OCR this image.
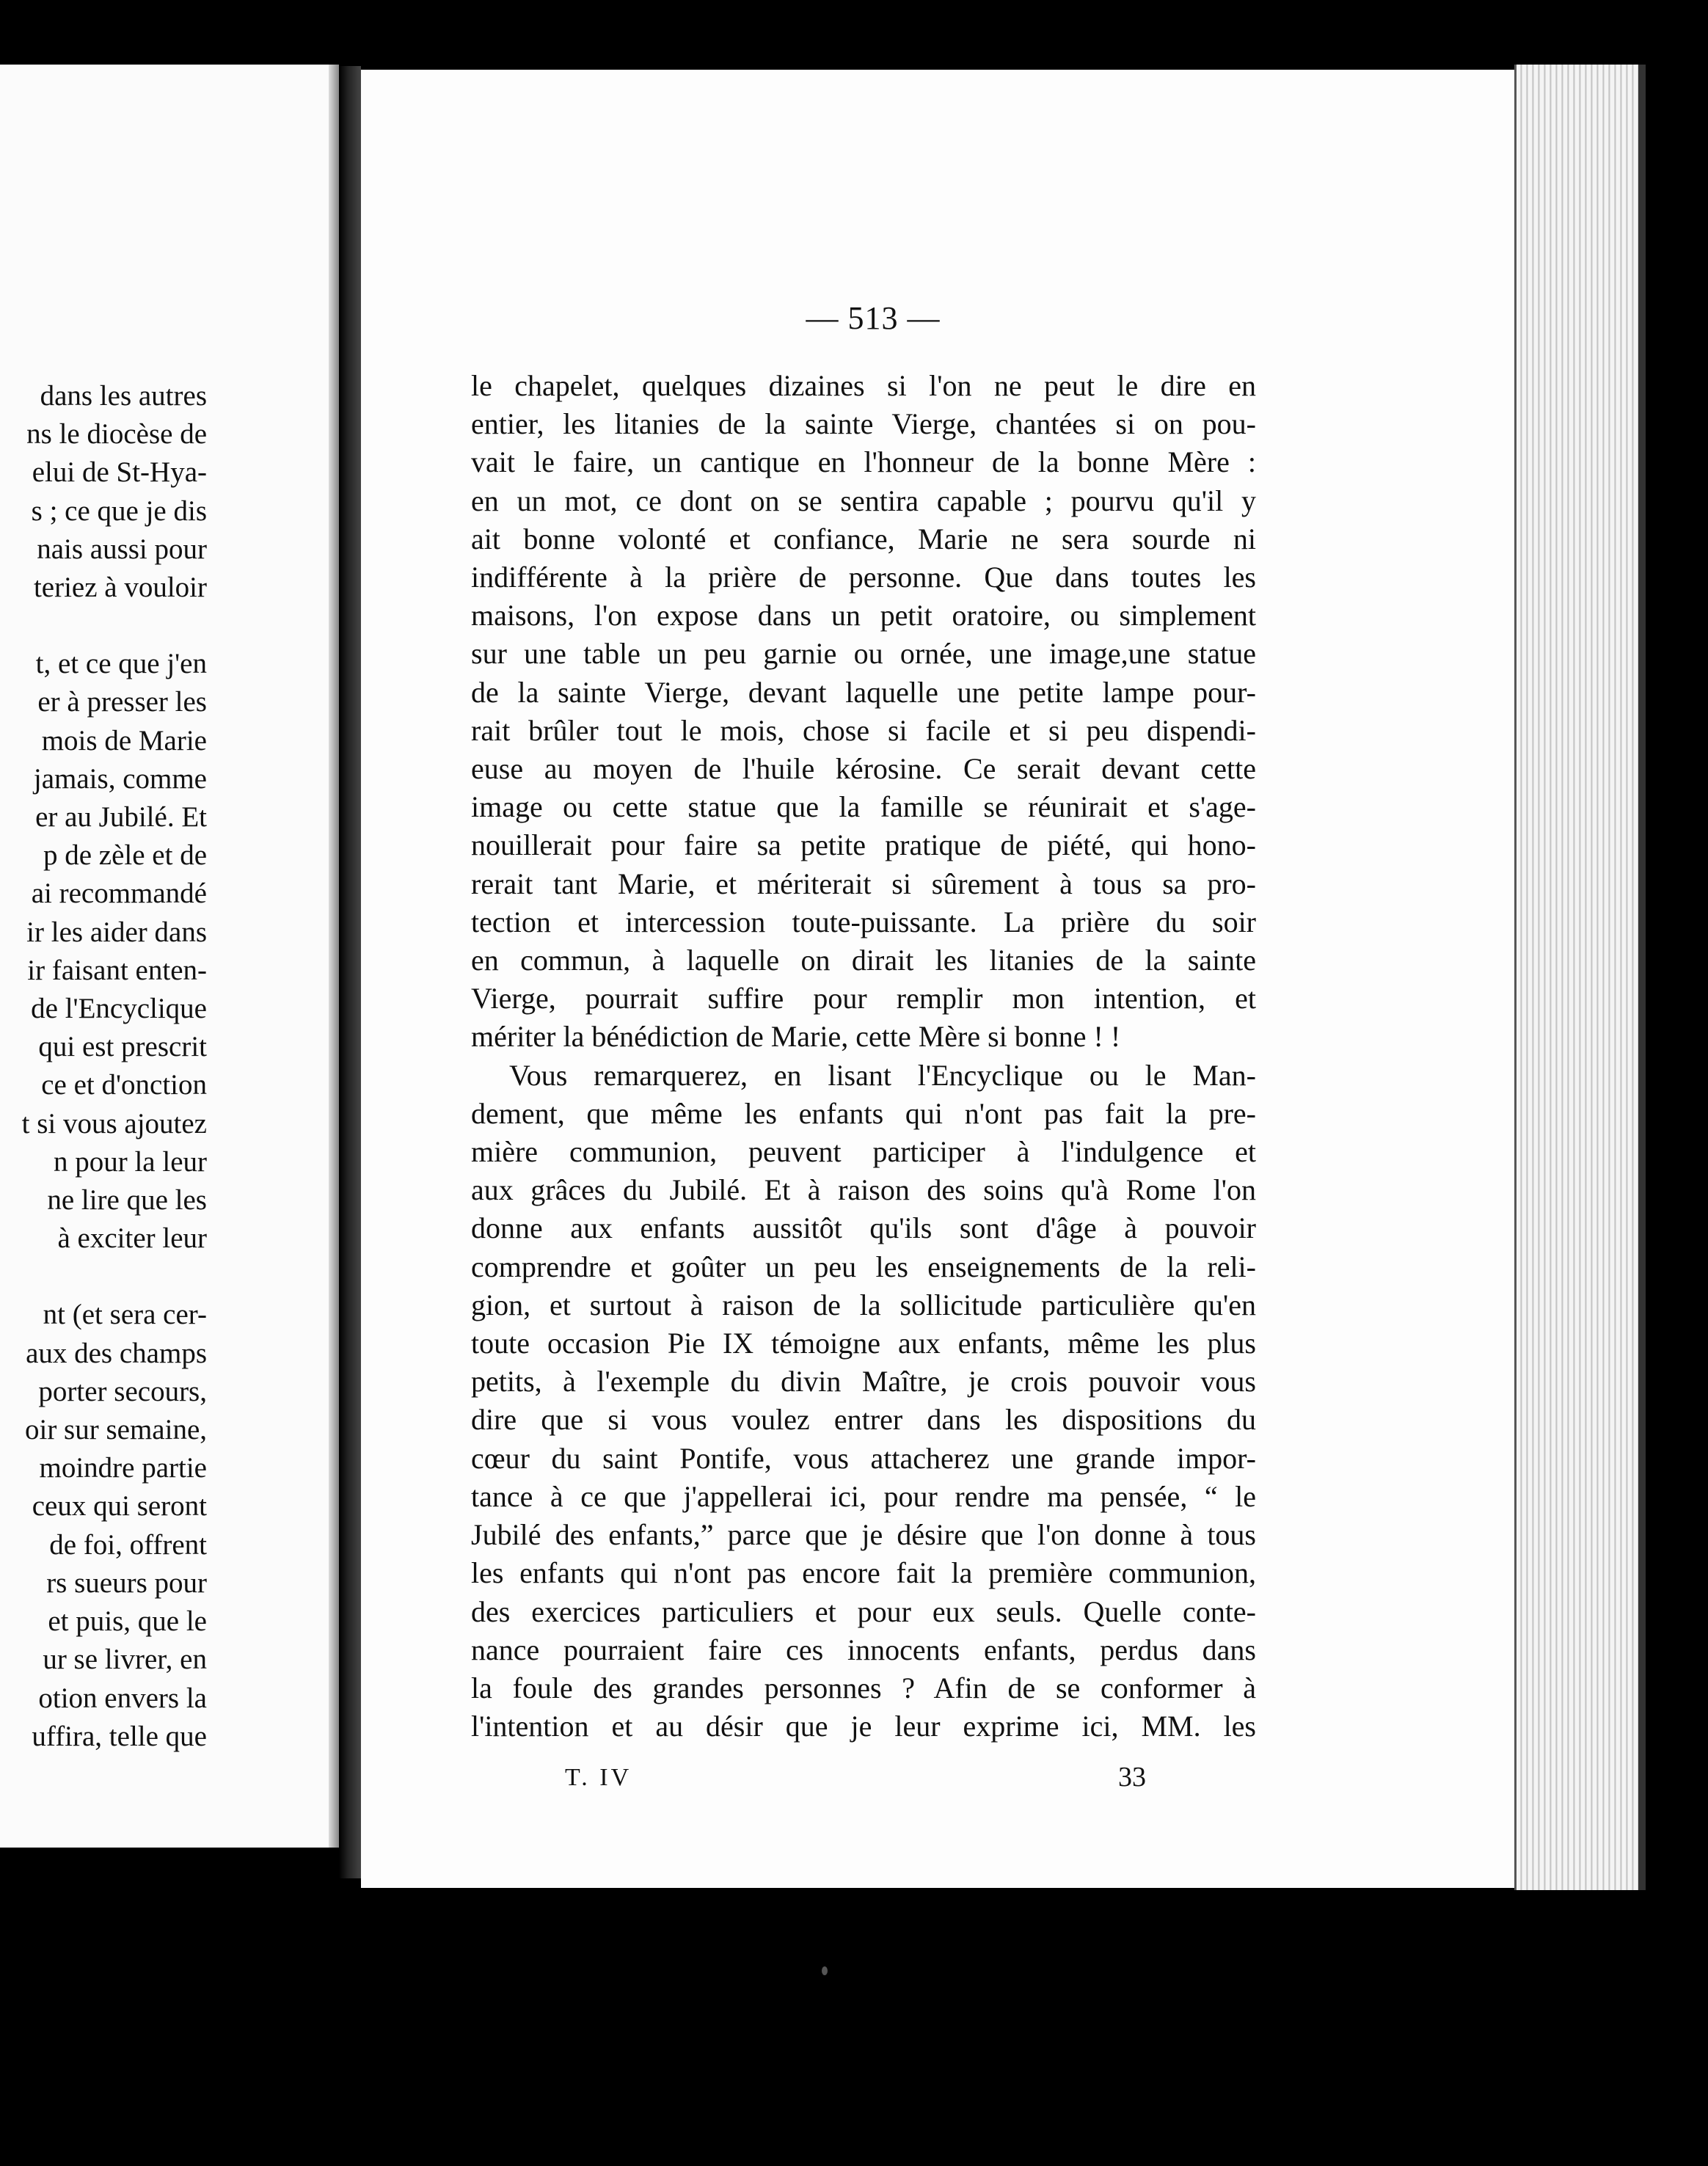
dans les autres
ns le diocèse de
elui de St-Hya-
s ; ce que je dis
nais aussi pour
teriez à vouloir
t, et ce que j'en
er à presser les
mois de Marie
jamais, comme
er au Jubilé. Et
p de zèle et de
ai recommandé
ir les aider dans
ir faisant enten-
de l'Encyclique
qui est prescrit
ce et d'onction
t si vous ajoutez
n pour la leur
ne lire que les
à exciter leur
nt (et sera cer-
aux des champs
porter secours,
oir sur semaine,
moindre partie
ceux qui seront
de foi, offrent
rs sueurs pour
et puis, que le
ur se livrer, en
otion envers la
uffira, telle que
— 513 —
le chapelet, quelques dizaines si l'on ne peut le dire en
entier, les litanies de la sainte Vierge, chantées si on pou-
vait le faire, un cantique en l'honneur de la bonne Mère :
en un mot, ce dont on se sentira capable ; pourvu qu'il y
ait bonne volonté et confiance, Marie ne sera sourde ni
indifférente à la prière de personne. Que dans toutes les
maisons, l'on expose dans un petit oratoire, ou simplement
sur une table un peu garnie ou ornée, une image,une statue
de la sainte Vierge, devant laquelle une petite lampe pour-
rait brûler tout le mois, chose si facile et si peu dispendi-
euse au moyen de l'huile kérosine. Ce serait devant cette
image ou cette statue que la famille se réunirait et s'age-
nouillerait pour faire sa petite pratique de piété, qui hono-
rerait tant Marie, et mériterait si sûrement à tous sa pro-
tection et intercession toute-puissante. La prière du soir
en commun, à laquelle on dirait les litanies de la sainte
Vierge, pourrait suffire pour remplir mon intention, et
mériter la bénédiction de Marie, cette Mère si bonne ! !
Vous remarquerez, en lisant l'Encyclique ou le Man-
dement, que même les enfants qui n'ont pas fait la pre-
mière communion, peuvent participer à l'indulgence et
aux grâces du Jubilé. Et à raison des soins qu'à Rome l'on
donne aux enfants aussitôt qu'ils sont d'âge à pouvoir
comprendre et goûter un peu les enseignements de la reli-
gion, et surtout à raison de la sollicitude particulière qu'en
toute occasion Pie IX témoigne aux enfants, même les plus
petits, à l'exemple du divin Maître, je crois pouvoir vous
dire que si vous voulez entrer dans les dispositions du
cœur du saint Pontife, vous attacherez une grande impor-
tance à ce que j'appellerai ici, pour rendre ma pensée, “ le
Jubilé des enfants,” parce que je désire que l'on donne à tous
les enfants qui n'ont pas encore fait la première communion,
des exercices particuliers et pour eux seuls. Quelle conte-
nance pourraient faire ces innocents enfants, perdus dans
la foule des grandes personnes ? Afin de se conformer à
l'intention et au désir que je leur exprime ici, MM. les
T. IV	33
